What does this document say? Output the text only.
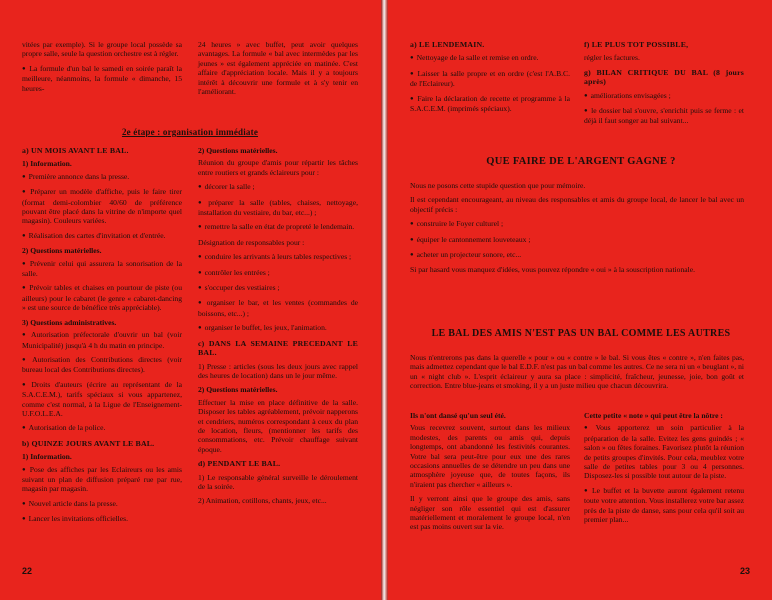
vitées par exemple). Si le groupe local possède sa propre salle, seule la question orchestre est à régler.

● La formule d'un bal le samedi en soirée paraît la meilleure, néanmoins, la formule « dimanche, 15 heures-

24 heures » avec buffet, peut avoir quelques avantages. La formule « bal avec intermèdes par les jeunes » est également appréciée en matinée. C'est affaire d'appréciation locale. Mais il y a toujours intérêt à découvrir une formule et à s'y tenir en l'améliorant.

2e étape : organisation immédiate
a) UN MOIS AVANT LE BAL.
1) Information.

● Première annonce dans la presse.

● Préparer un modèle d'affiche, puis le faire tirer (format demi-colombier 40/60 de préférence pouvant être placé dans la vitrine de n'importe quel magasin). Couleurs variées.

● Réalisation des cartes d'invitation et d'entrée.

2) Questions matérielles.

● Prévenir celui qui assurera la sonorisation de la salle.

● Prévoir tables et chaises en pourtour de piste (ou ailleurs) pour le cabaret (le genre « cabaret-dancing » est une source de bénéfice très appréciable).

3) Questions administratives.

● Autorisation préfectorale d'ouvrir un bal (voir Municipalité) jusqu'à 4 h du matin en principe.

● Autorisation des Contributions directes (voir bureau local des Contributions directes).

● Droits d'auteurs (écrire au représentant de la S.A.C.E.M.), tarifs spéciaux si vous appartenez, comme c'est normal, à la Ligue de l'Enseignement-U.F.O.L.E.A.

● Autorisation de la police.

b) QUINZE JOURS AVANT LE BAL.
1) Information.

● Pose des affiches par les Eclaireurs ou les amis suivant un plan de diffusion préparé rue par rue, magasin par magasin.

● Nouvel article dans la presse.

● Lancer les invitations officielles.

2) Questions matérielles.

Réunion du groupe d'amis pour répartir les tâches entre routiers et grands éclaireurs pour :

● décorer la salle ;

● préparer la salle (tables, chaises, nettoyage, installation du vestiaire, du bar, etc...) ;

● remettre la salle en état de propreté le lendemain.

Désignation de responsables pour :

● conduire les arrivants à leurs tables respectives ;

● contrôler les entrées ;

● s'occuper des vestiaires ;

● organiser le bar, et les ventes (commandes de boissons, etc...) ;

● organiser le buffet, les jeux, l'animation.

c) DANS LA SEMAINE PRECEDANT LE BAL.

1) Presse : articles (sous les deux jours avec rappel des heures de location) dans un le jour même.

2) Questions matérielles.

Effectuer la mise en place définitive de la salle. Disposer les tables agréablement, prévoir napperons et cendriers, numéros correspondant à ceux du plan de location, fleurs, (mentionner les tarifs des consommations, etc. Prévoir chauffage suivant époque.

d) PENDANT LE BAL.

1) Le responsable général surveille le déroulement de la soirée.

2) Animation, cotillons, chants, jeux, etc...

22
a) LE LENDEMAIN.

● Nettoyage de la salle et remise en ordre.

● Laisser la salle propre et en ordre (c'est l'A.B.C. de l'Eclaireur).

● Faire la déclaration de recette et programme à la S.A.C.E.M. (imprimés spéciaux).

f) LE PLUS TOT POSSIBLE,

régler les factures.

g) BILAN CRITIQUE DU BAL (8 jours après)

● améliorations envisagées ;

● le dossier bal s'ouvre, s'enrichit puis se ferme : et déjà il faut songer au bal suivant...

QUE FAIRE DE L'ARGENT GAGNE ?

Nous ne posons cette stupide question que pour mémoire.

Il est cependant encourageant, au niveau des responsables et amis du groupe local, de lancer le bal avec un objectif précis :

● construire le Foyer culturel ;

● équiper le cantonnement louveteaux ;

● acheter un projecteur sonore, etc...

Si par hasard vous manquez d'idées, vous pouvez répondre « oui » à la souscription nationale.

LE BAL DES AMIS N'EST PAS UN BAL COMME LES AUTRES

Nous n'entrerons pas dans la querelle « pour » ou « contre » le bal. Si vous êtes « contre », n'en faites pas, mais admettez cependant que le bal E.D.F. n'est pas un bal comme les autres. Ce ne sera ni un « beuglant », ni un « night club ». L'esprit éclaireur y aura sa place : simplicité, fraîcheur, jeunesse, joie, bon goût et correction. Entre blue-jeans et smoking, il y a un juste milieu que chacun découvrira.

Ils n'ont dansé qu'un seul été.

Vous recevrez souvent, surtout dans les milieux modestes, des parents ou amis qui, depuis longtemps, ont abandonné les festivités courantes. Votre bal sera peut-être pour eux une des rares occasions annuelles de se détendre un peu dans une atmosphère joyeuse que, de toutes façons, ils n'iraient pas chercher « ailleurs ».

Il y verront ainsi que le groupe des amis, sans négliger son rôle essentiel qui est d'assurer matériellement et moralement le groupe local, n'en est pas moins ouvert sur la vie.

Cette petite « note » qui peut être la nôtre :

● Vous apporterez un soin particulier à la préparation de la salle. Evitez les gens guindés ; « salon » ou fêtes foraines. Favorisez plutôt la réunion de petits groupes d'invités. Pour cela, meublez votre salle de petites tables pour 3 ou 4 personnes. Disposez-les si possible tout autour de la piste.

● Le buffet et la buvette auront également retenu toute votre attention. Vous installerez votre bar assez près de la piste de danse, sans pour cela qu'il soit au premier plan...

23
